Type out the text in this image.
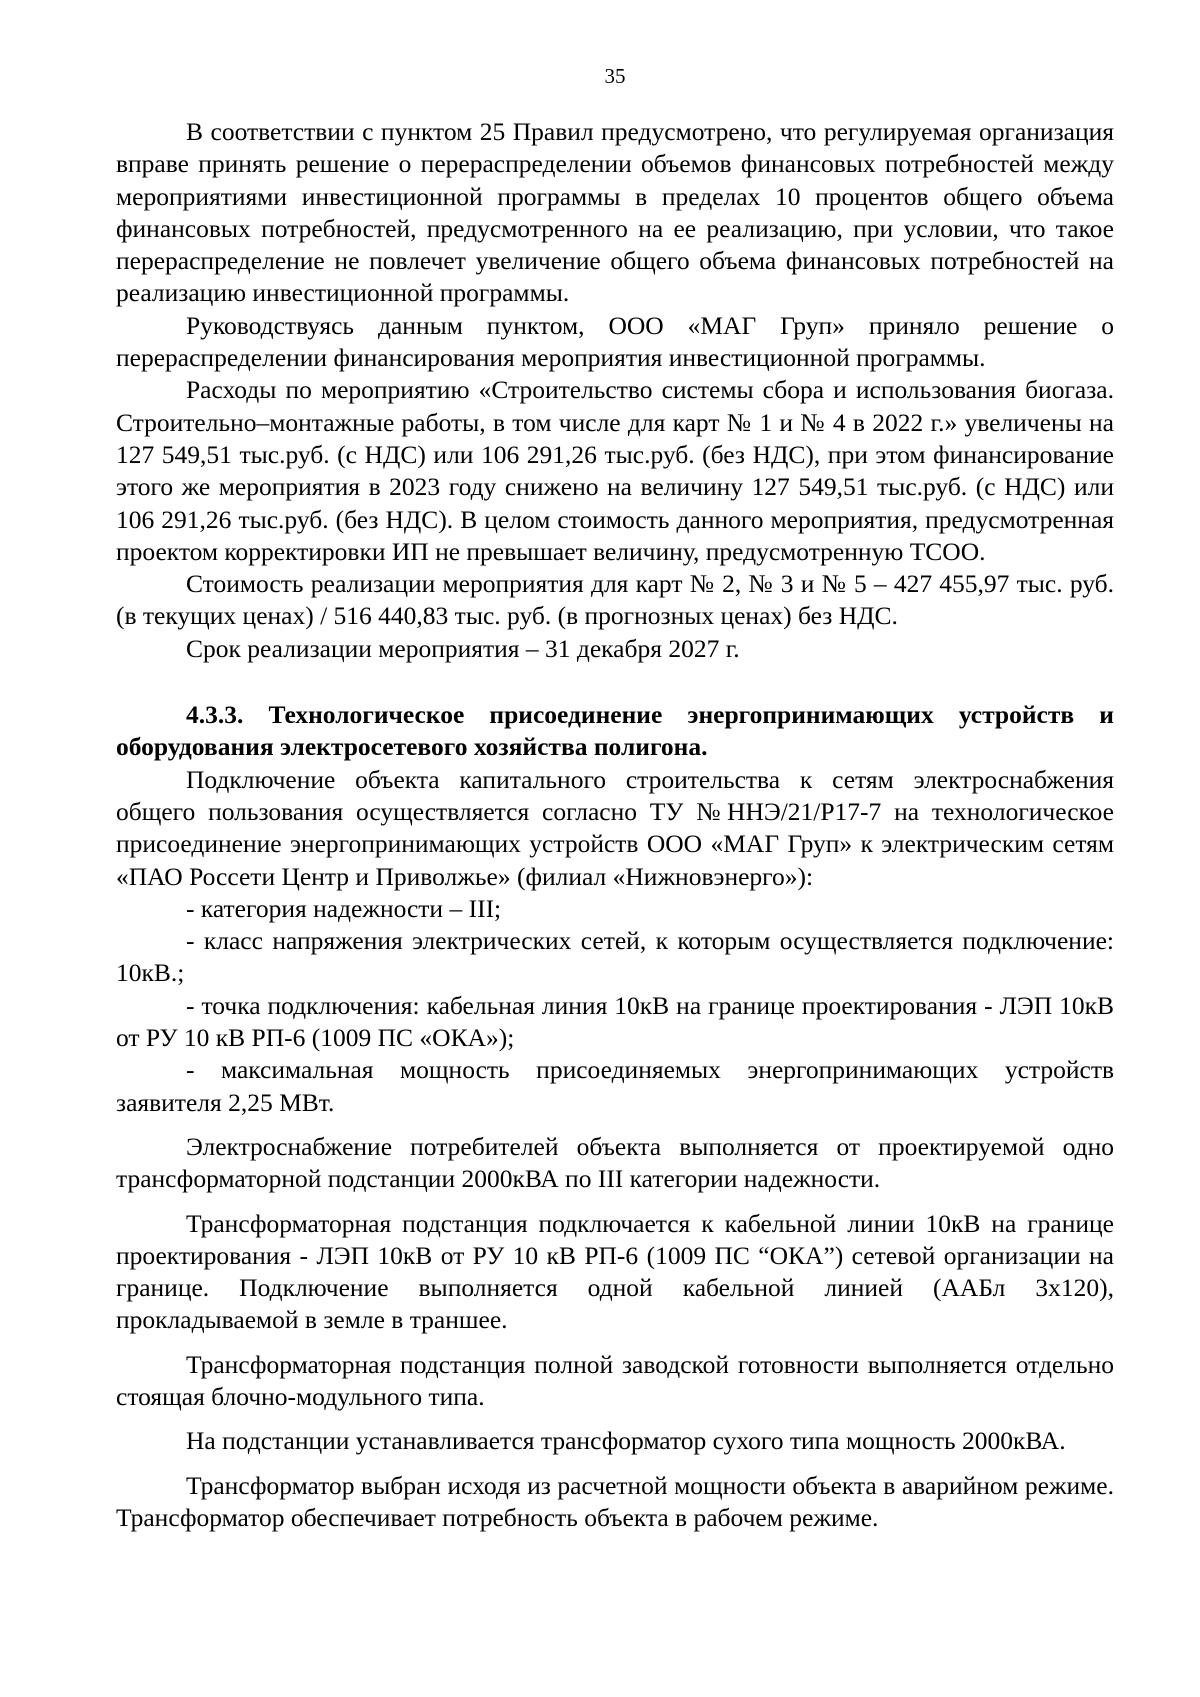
35

В соответствии с пунктом 25 Правил предусмотрено, что регулируемая организация вправе принять решение о перераспределении объемов финансовых потребностей между мероприятиями инвестиционной программы в пределах 10 процентов общего объема финансовых потребностей, предусмотренного на ее реализацию, при условии, что такое перераспределение не повлечет увеличение общего объема финансовых потребностей на реализацию инвестиционной программы.

Руководствуясь данным пунктом, ООО «МАГ Груп» приняло решение о перераспределении финансирования мероприятия инвестиционной программы.

Расходы по мероприятию «Строительство системы сбора и использования биогаза. Строительно–монтажные работы, в том числе для карт № 1 и № 4 в 2022 г.» увеличены на 127 549,51 тыс.руб. (с НДС) или 106 291,26 тыс.руб. (без НДС), при этом финансирование этого же мероприятия в 2023 году снижено на величину 127 549,51 тыс.руб. (с НДС) или 106 291,26 тыс.руб. (без НДС). В целом стоимость данного мероприятия, предусмотренная проектом корректировки ИП не превышает величину, предусмотренную ТСОО.

Стоимость реализации мероприятия для карт № 2, № 3 и № 5 – 427 455,97 тыс. руб. (в текущих ценах) / 516 440,83 тыс. руб. (в прогнозных ценах) без НДС.

Срок реализации мероприятия – 31 декабря 2027 г.

4.3.3. Технологическое присоединение энергопринимающих устройств и оборудования электросетевого хозяйства полигона.

Подключение объекта капитального строительства к сетям электроснабжения общего пользования осуществляется согласно ТУ №ННЭ/21/Р17-7 на технологическое присоединение энергопринимающих устройств ООО «МАГ Груп» к электрическим сетям «ПАО Россети Центр и Приволжье» (филиал «Нижновэнерго»):

- категория надежности – III;

- класс напряжения электрических сетей, к которым осуществляется подключение: 10кВ.;

- точка подключения: кабельная линия 10кВ на границе проектирования - ЛЭП 10кВ от РУ 10 кВ РП-6 (1009 ПС «ОКА»);

- максимальная мощность присоединяемых энергопринимающих устройств заявителя 2,25 МВт.

Электроснабжение потребителей объекта выполняется от проектируемой одно трансформаторной подстанции 2000кВА по III категории надежности.

Трансформаторная подстанция подключается к кабельной линии 10кВ на границе проектирования - ЛЭП 10кВ от РУ 10 кВ РП-6 (1009 ПС “ОКА”) сетевой организации на границе. Подключение выполняется одной кабельной линией (ААБл 3х120), прокладываемой в земле в траншее.

Трансформаторная подстанция полной заводской готовности выполняется отдельно стоящая блочно-модульного типа.

На подстанции устанавливается трансформатор сухого типа мощность 2000кВА.

Трансформатор выбран исходя из расчетной мощности объекта в аварийном режиме. Трансформатор обеспечивает потребность объекта в рабочем режиме.
